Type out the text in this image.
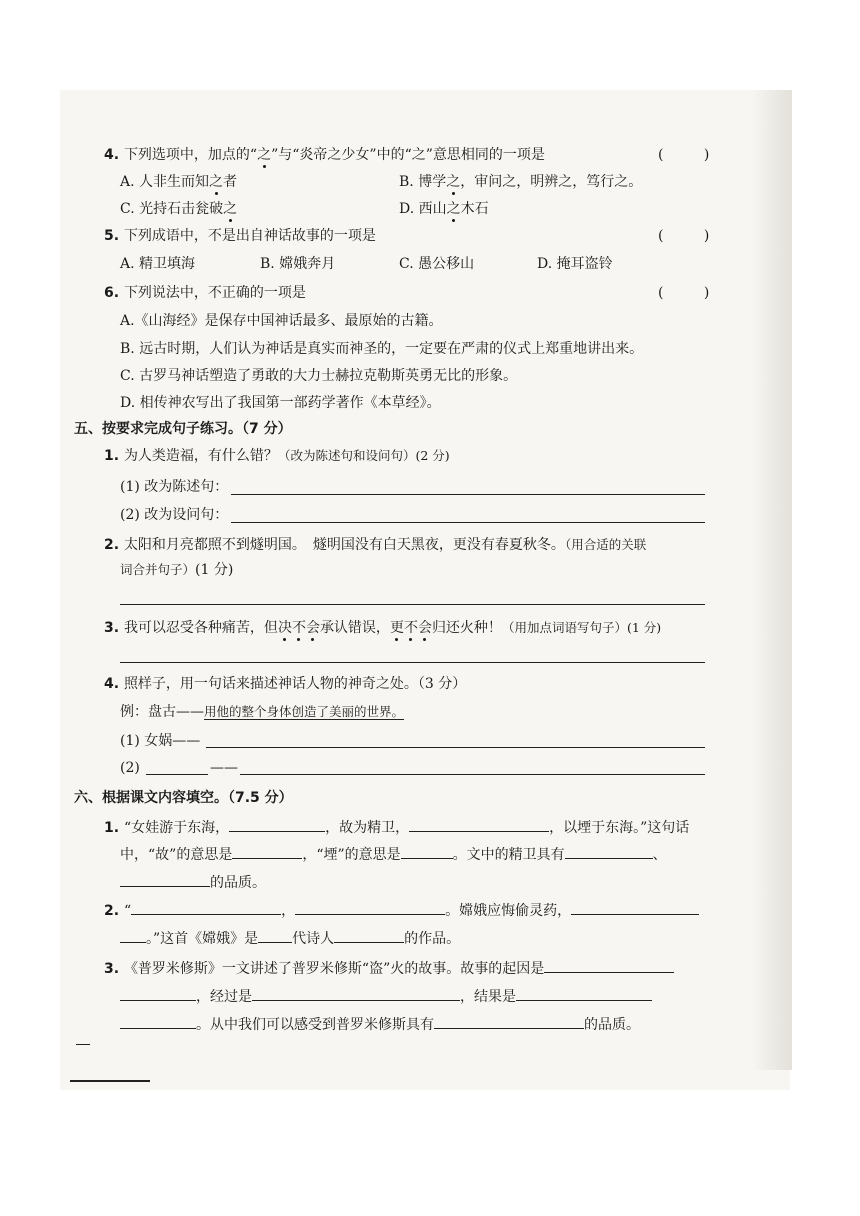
4. 下列选项中，加点的“之”与“炎帝之少女”中的“之”意思相同的一项是	( )
A. 人非生而知之者	B. 博学之，审问之，明辨之，笃行之。
C. 光持石击瓮破之	D. 西山之木石
5. 下列成语中，不是出自神话故事的一项是	( )
A. 精卫填海	B. 嫦娥奔月	C. 愚公移山	D. 掩耳盗铃
6. 下列说法中，不正确的一项是	( )
A.《山海经》是保存中国神话最多、最原始的古籍。
B. 远古时期，人们认为神话是真实而神圣的，一定要在严肃的仪式上郑重地讲出来。
C. 古罗马神话塑造了勇敢的大力士赫拉克勒斯英勇无比的形象。
D. 相传神农写出了我国第一部药学著作《本草经》。
五、按要求完成句子练习。（7 分）
1. 为人类造福，有什么错？（改为陈述句和设问句）(2 分)
(1) 改为陈述句：
(2) 改为设问句：
2. 太阳和月亮都照不到燧明国。　燧明国没有白天黑夜，更没有春夏秋冬。（用合适的关联
词合并句子）(1 分)
3. 我可以忍受各种痛苦，但决不会承认错误，更不会归还火种！（用加点词语写句子）(1 分)
4. 照样子，用一句话来描述神话人物的神奇之处。（3 分）
例：盘古——用他的整个身体创造了美丽的世界。
(1) 女娲——
(2)	——
六、根据课文内容填空。（7.5 分）
1. “女娃游于东海，	，故为精卫，	，以堙于东海。”这句话
中，“故”的意思是	，“堙”的意思是	。文中的精卫具有	、
的品质。
2. “	，	。嫦娥应悔偷灵药，
。”这首《嫦娥》是 代诗人	的作品。
3. 《普罗米修斯》一文讲述了普罗米修斯“盗”火的故事。故事的起因是
，经过是	，结果是
。从中我们可以感受到普罗米修斯具有	的品质。
